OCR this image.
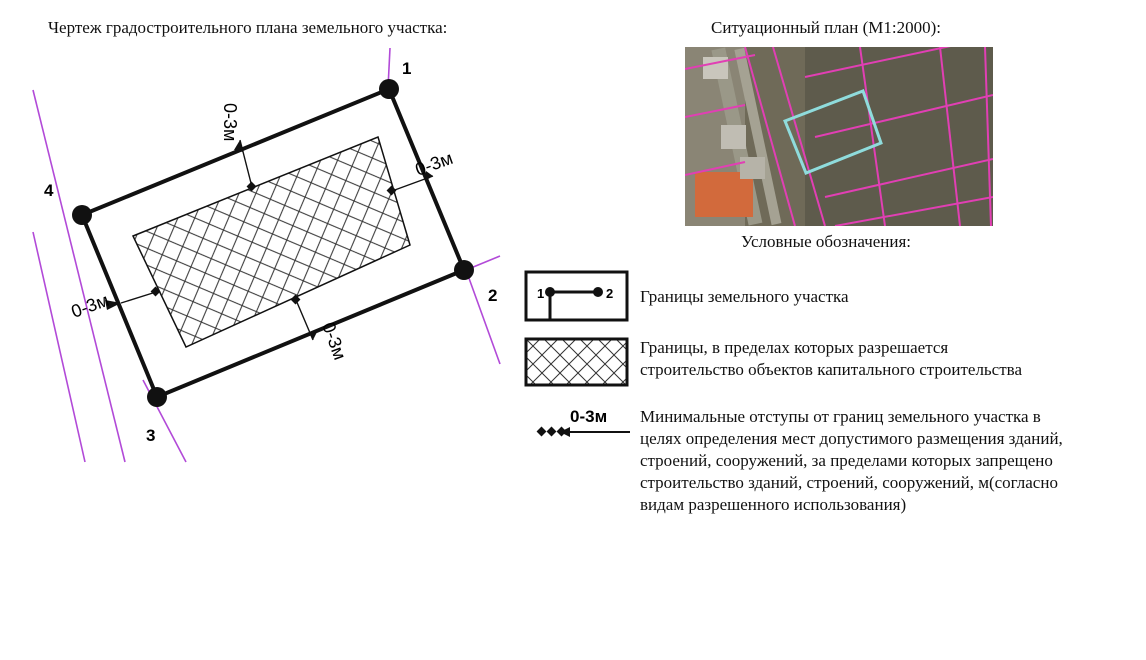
Чертеж градостроительного плана земельного участка:
1
2
3
4
0-3м
0-3м
0-3м
0-3м
Ситуационный план (М1:2000):
Условные обозначения:
1	2 Границы земельного участка
Границы, в пределах которых разрешается
строительство объектов капитального строительства
0-3м Минимальные отступы от границ земельного участка в
целях определения мест допустимого размещения зданий,
строений, сооружений, за пределами которых запрещено
строительство зданий, строений, сооружений, м(согласно
видам разрешенного использования)
